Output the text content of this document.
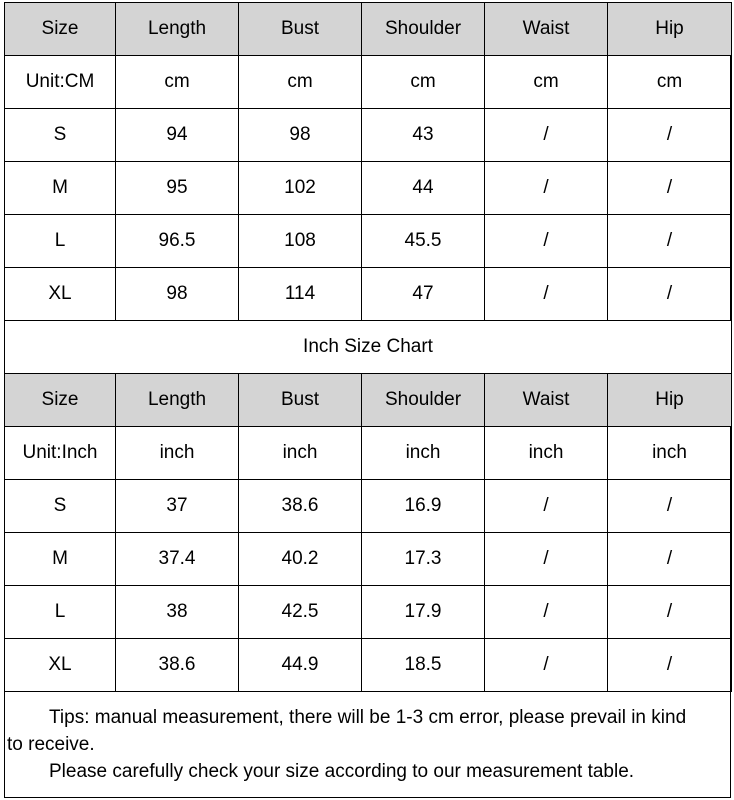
Size	Length	Bust	Shoulder	Waist	Hip
Unit:CM	cm	cm	cm	cm	cm
S	94	98	43	/	/
M	95	102	44	/	/
L	96.5	108	45.5	/	/
XL	98	114	47	/	/
Inch Size Chart					
Size	Length	Bust	Shoulder	Waist	Hip
Unit:Inch	inch	inch	inch	inch	inch
S	37	38.6	16.9	/	/
M	37.4	40.2	17.3	/	/
L	38	42.5	17.9	/	/
XL	38.6	44.9	18.5	/	/

Tips: manual measurement, there will be 1-3 cm error, please prevail in kind to receive.

Please carefully check your size according to our measurement table.
